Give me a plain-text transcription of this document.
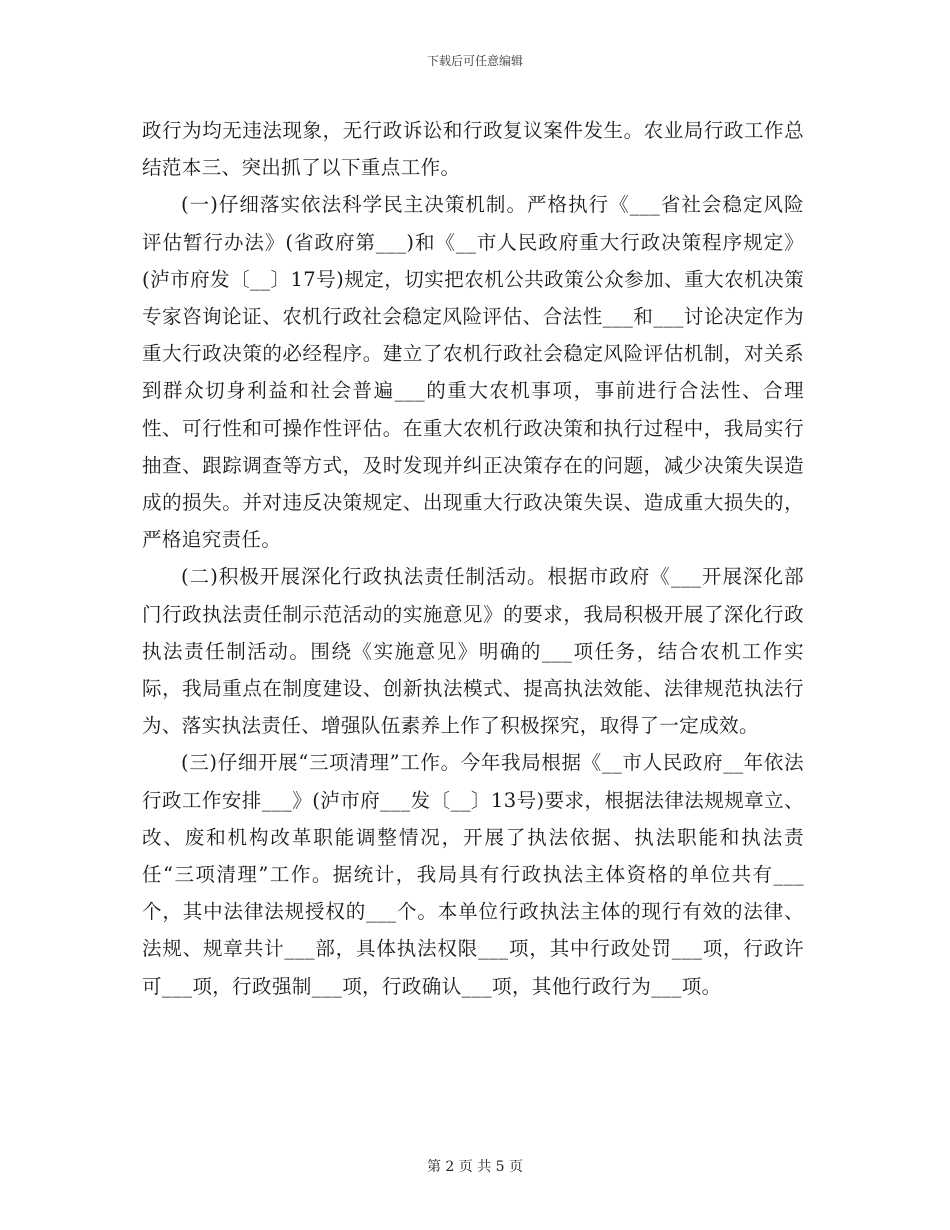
下载后可任意编辑

政行为均无违法现象，无行政诉讼和行政复议案件发生。农业局行政工作总结范本三、突出抓了以下重点工作。

(一)仔细落实依法科学民主决策机制。严格执行《___省社会稳定风险评估暂行办法》(省政府第___)和《__市人民政府重大行政决策程序规定》(泸市府发〔__〕17号)规定，切实把农机公共政策公众参加、重大农机决策专家咨询论证、农机行政社会稳定风险评估、合法性___和___讨论决定作为重大行政决策的必经程序。建立了农机行政社会稳定风险评估机制，对关系到群众切身利益和社会普遍___的重大农机事项，事前进行合法性、合理性、可行性和可操作性评估。在重大农机行政决策和执行过程中，我局实行抽查、跟踪调查等方式，及时发现并纠正决策存在的问题，减少决策失误造成的损失。并对违反决策规定、出现重大行政决策失误、造成重大损失的，严格追究责任。

(二)积极开展深化行政执法责任制活动。根据市政府《___开展深化部门行政执法责任制示范活动的实施意见》的要求，我局积极开展了深化行政执法责任制活动。围绕《实施意见》明确的___项任务，结合农机工作实际，我局重点在制度建设、创新执法模式、提高执法效能、法律规范执法行为、落实执法责任、增强队伍素养上作了积极探究，取得了一定成效。

(三)仔细开展“三项清理”工作。今年我局根据《__市人民政府__年依法行政工作安排___》(泸市府___发〔__〕13号)要求，根据法律法规规章立、改、废和机构改革职能调整情况，开展了执法依据、执法职能和执法责任“三项清理”工作。据统计，我局具有行政执法主体资格的单位共有___个，其中法律法规授权的___个。本单位行政执法主体的现行有效的法律、法规、规章共计___部，具体执法权限___项，其中行政处罚___项，行政许可___项，行政强制___项，行政确认___项，其他行政行为___项。

第 2 页 共 5 页
